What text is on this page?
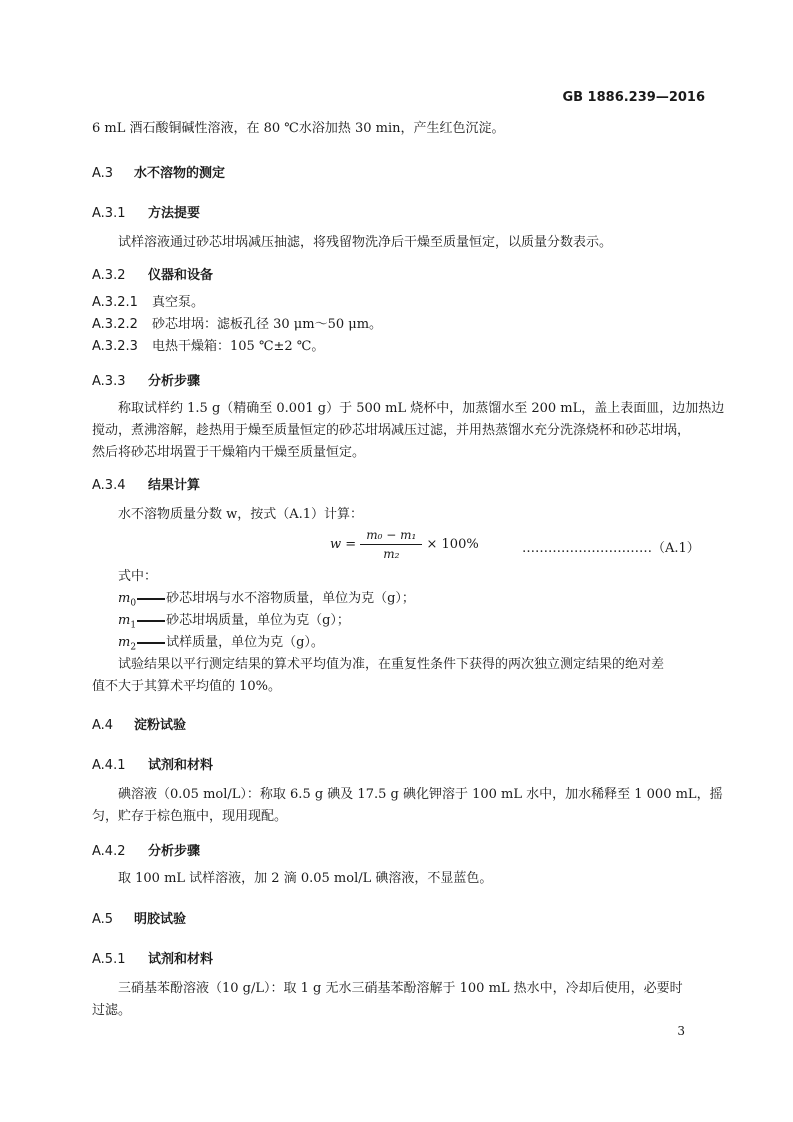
GB 1886.239—2016
6 mL 酒石酸铜碱性溶液，在 80 ℃水浴加热 30 min，产生红色沉淀。
A.3 水不溶物的测定
A.3.1 方法提要
试样溶液通过砂芯坩埚减压抽滤，将残留物洗净后干燥至质量恒定，以质量分数表示。
A.3.2 仪器和设备
A.3.2.1 真空泵。
A.3.2.2 砂芯坩埚：滤板孔径 30 μm～50 μm。
A.3.2.3 电热干燥箱：105 ℃±2 ℃。
A.3.3 分析步骤
称取试样约 1.5 g（精确至 0.001 g）于 500 mL 烧杯中，加蒸馏水至 200 mL，盖上表面皿，边加热边
搅动，煮沸溶解，趁热用于燥至质量恒定的砂芯坩埚减压过滤，并用热蒸馏水充分洗涤烧杯和砂芯坩埚，
然后将砂芯坩埚置于干燥箱内干燥至质量恒定。
A.3.4 结果计算
水不溶物质量分数 w，按式（A.1）计算：
$w = \frac{\text{m₀ − m₁}}{\text{m₂}} \times 100\%$	…………………………（A.1）
式中：
$m_0$ 砂芯坩埚与水不溶物质量，单位为克（g）；
$m_1$ 砂芯坩埚质量，单位为克（g）；
$m_2$ 试样质量，单位为克（g）。
试验结果以平行测定结果的算术平均值为准，在重复性条件下获得的两次独立测定结果的绝对差
值不大于其算术平均值的 10%。
A.4 淀粉试验
A.4.1 试剂和材料
碘溶液（0.05 mol/L）：称取 6.5 g 碘及 17.5 g 碘化钾溶于 100 mL 水中，加水稀释至 1 000 mL，摇
匀，贮存于棕色瓶中，现用现配。
A.4.2 分析步骤
取 100 mL 试样溶液，加 2 滴 0.05 mol/L 碘溶液，不显蓝色。
A.5 明胶试验
A.5.1 试剂和材料
三硝基苯酚溶液（10 g/L）：取 1 g 无水三硝基苯酚溶解于 100 mL 热水中，冷却后使用，必要时
过滤。
3
